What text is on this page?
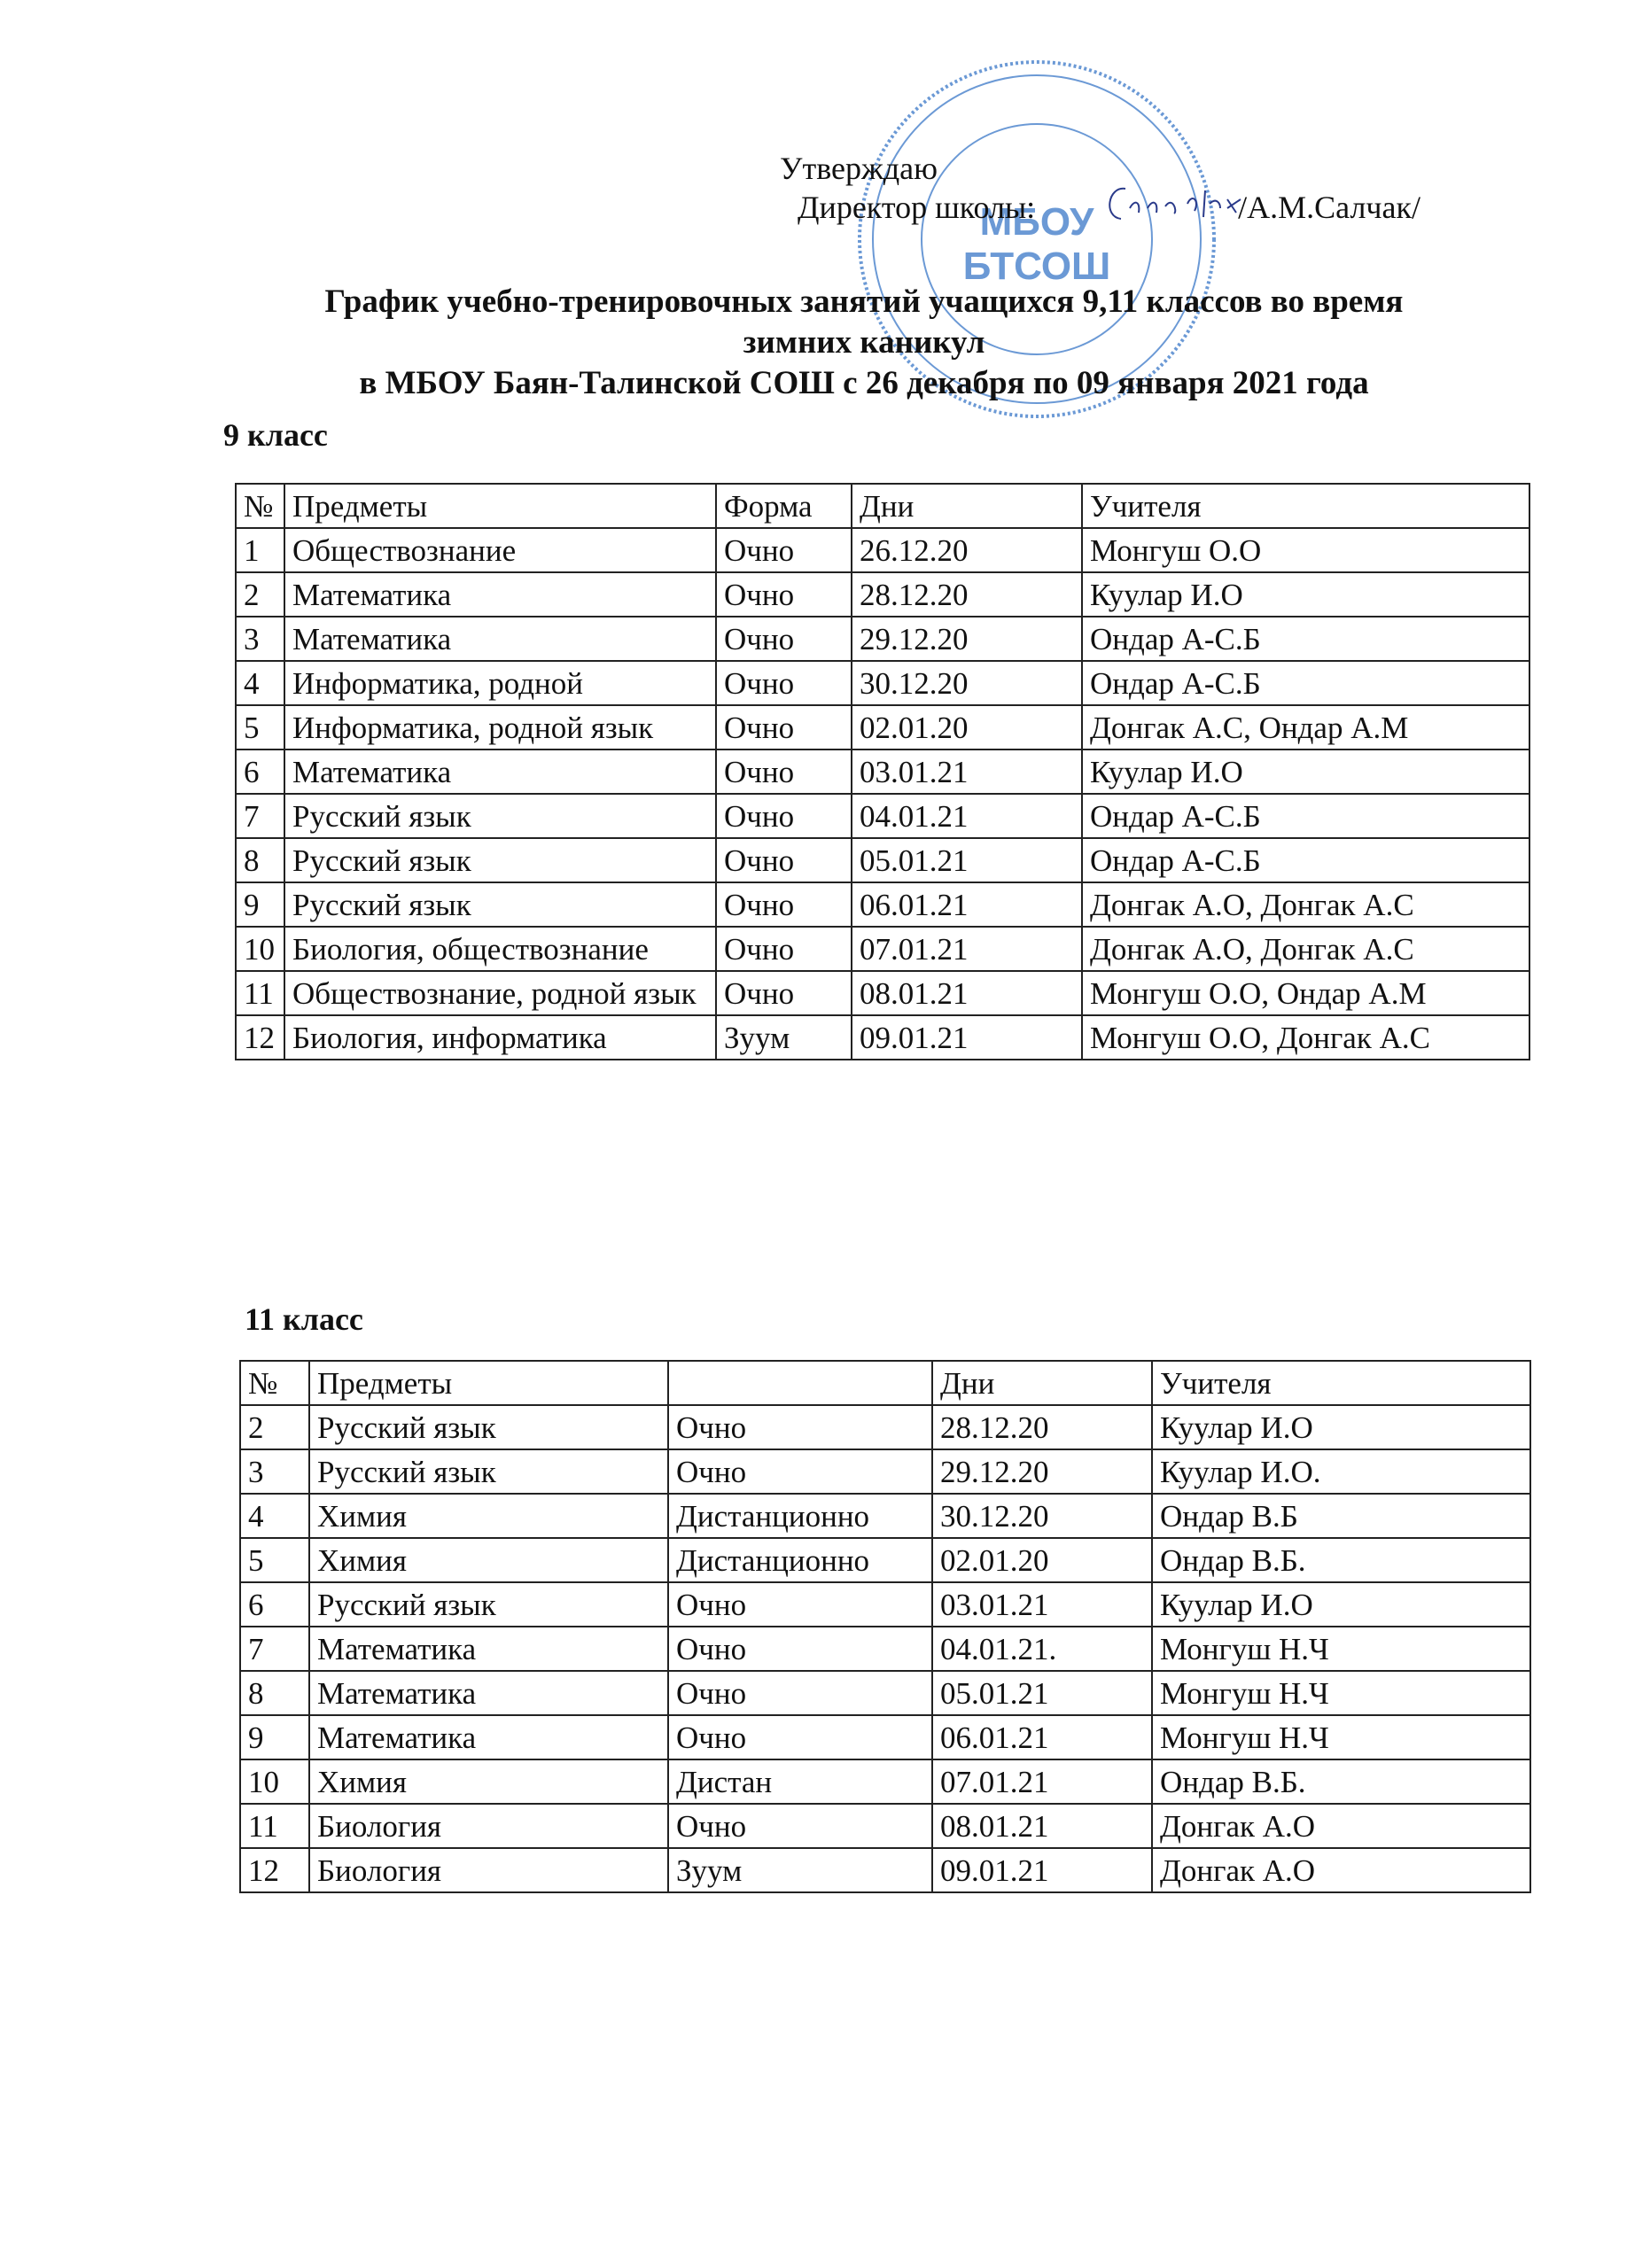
МБОУ
БТСОШ
Утверждаю
Директор школы:	/А.М.Салчак/
График учебно-тренировочных занятий учащихся 9,11 классов во время
зимних каникул
в МБОУ Баян-Талинской СОШ с 26 декабря по 09 января 2021 года
9 класс
№	Предметы	Форма	Дни	Учителя
1	Обществознание	Очно	26.12.20	Монгуш О.О
2	Математика	Очно	28.12.20	Куулар И.О
3	Математика	Очно	29.12.20	Ондар А-С.Б
4	Информатика, родной	Очно	30.12.20	Ондар А-С.Б
5	Информатика, родной язык	Очно	02.01.20	Донгак А.С, Ондар А.М
6	Математика	Очно	03.01.21	Куулар И.О
7	Русский язык	Очно	04.01.21	Ондар А-С.Б
8	Русский язык	Очно	05.01.21	Ондар А-С.Б
9	Русский язык	Очно	06.01.21	Донгак А.О, Донгак А.С
10	Биология, обществознание	Очно	07.01.21	Донгак А.О, Донгак А.С
11	Обществознание, родной язык	Очно	08.01.21	Монгуш О.О, Ондар А.М
12	Биология, информатика	Зуум	09.01.21	Монгуш О.О, Донгак А.С
11 класс
№	Предметы		Дни	Учителя
2	Русский язык	Очно	28.12.20	Куулар И.О
3	Русский язык	Очно	29.12.20	Куулар И.О.
4	Химия	Дистанционно	30.12.20	Ондар В.Б
5	Химия	Дистанционно	02.01.20	Ондар В.Б.
6	Русский язык	Очно	03.01.21	Куулар И.О
7	Математика	Очно	04.01.21.	Монгуш Н.Ч
8	Математика	Очно	05.01.21	Монгуш Н.Ч
9	Математика	Очно	06.01.21	Монгуш Н.Ч
10	Химия	Дистан	07.01.21	Ондар В.Б.
11	Биология	Очно	08.01.21	Донгак А.О
12	Биология	Зуум	09.01.21	Донгак А.О
